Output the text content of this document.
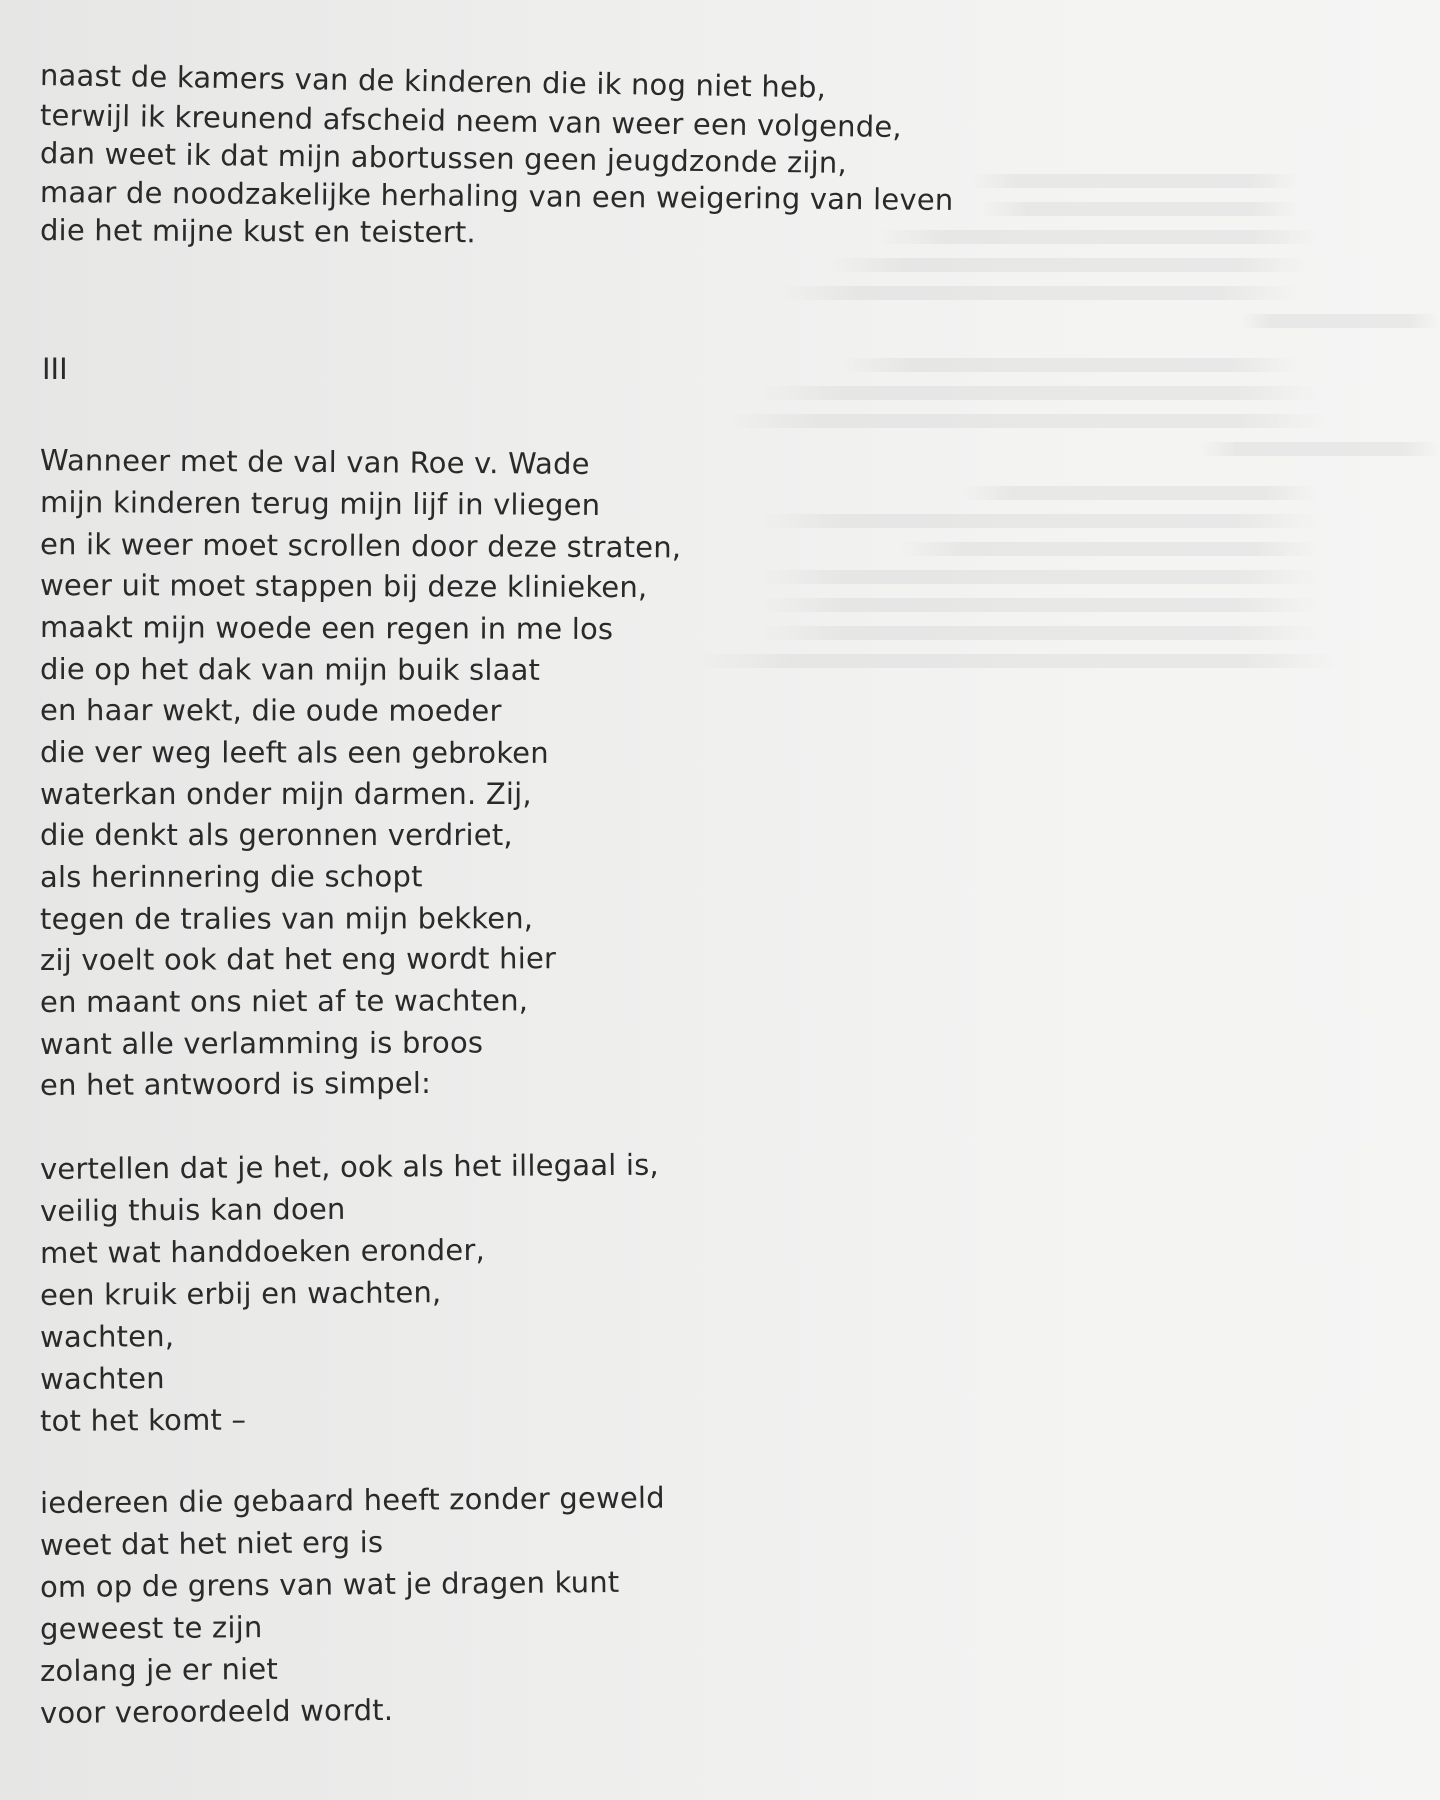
naast de kamers van de kinderen die ik nog niet heb,
terwijl ik kreunend afscheid neem van weer een volgende,
dan weet ik dat mijn abortussen geen jeugdzonde zijn,
maar de noodzakelijke herhaling van een weigering van leven
die het mijne kust en teistert.
III
Wanneer met de val van Roe v. Wade
mijn kinderen terug mijn lijf in vliegen
en ik weer moet scrollen door deze straten,
weer uit moet stappen bij deze klinieken,
maakt mijn woede een regen in me los
die op het dak van mijn buik slaat
en haar wekt, die oude moeder
die ver weg leeft als een gebroken
waterkan onder mijn darmen. Zij,
die denkt als geronnen verdriet,
als herinnering die schopt
tegen de tralies van mijn bekken,
zij voelt ook dat het eng wordt hier
en maant ons niet af te wachten,
want alle verlamming is broos
en het antwoord is simpel:
vertellen dat je het, ook als het illegaal is,
veilig thuis kan doen
met wat handdoeken eronder,
een kruik erbij en wachten,
wachten,
wachten
tot het komt –
iedereen die gebaard heeft zonder geweld
weet dat het niet erg is
om op de grens van wat je dragen kunt
geweest te zijn
zolang je er niet
voor veroordeeld wordt.
